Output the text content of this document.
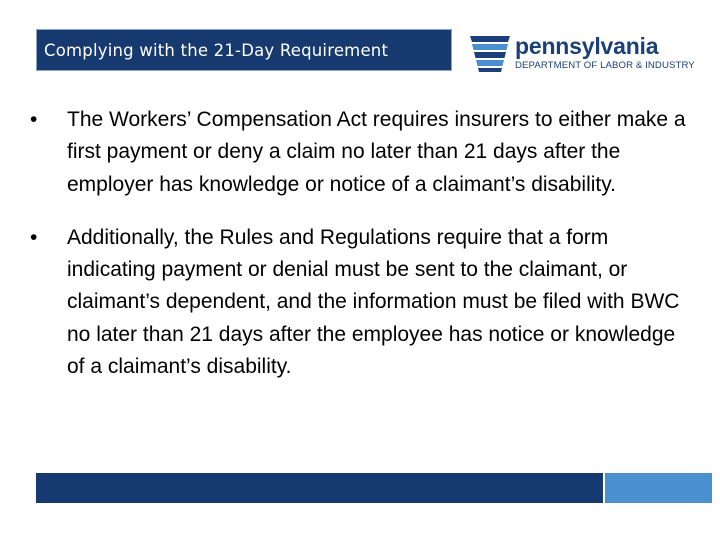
Complying with the 21-Day Requirement	pennsylvania
DEPARTMENT OF LABOR & INDUSTRY
•	The Workers’ Compensation Act requires insurers to either make a first payment or deny a claim no later than 21 days after the employer has knowledge or notice of a claimant’s disability.
•	Additionally, the Rules and Regulations require that a form indicating payment or denial must be sent to the claimant, or claimant’s dependent, and the information must be filed with BWC no later than 21 days after the employee has notice or knowledge of a claimant’s disability.
